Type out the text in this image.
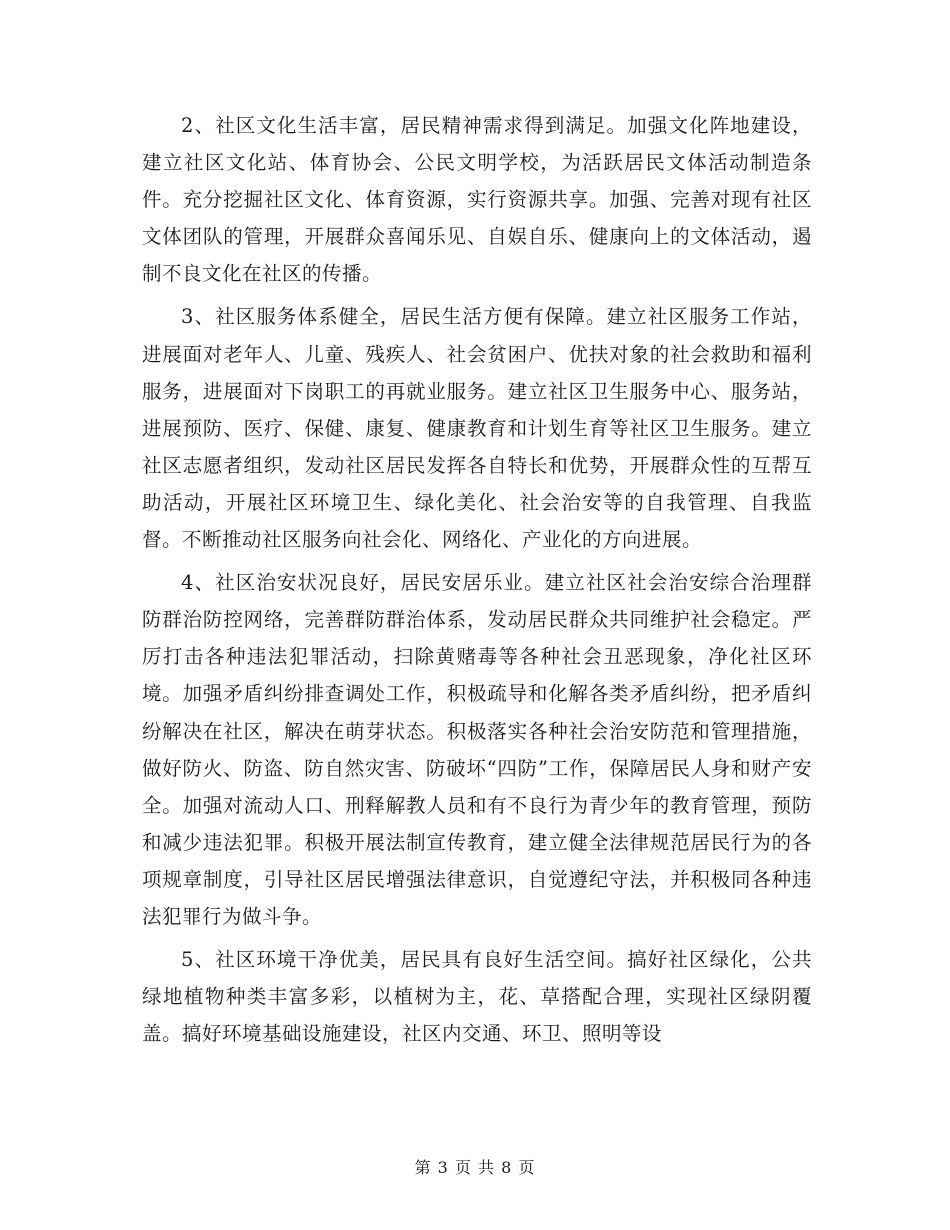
2、社区文化生活丰富，居民精神需求得到满足。加强文化阵地建设，建立社区文化站、体育协会、公民文明学校，为活跃居民文体活动制造条件。充分挖掘社区文化、体育资源，实行资源共享。加强、完善对现有社区文体团队的管理，开展群众喜闻乐见、自娱自乐、健康向上的文体活动，遏制不良文化在社区的传播。

3、社区服务体系健全，居民生活方便有保障。建立社区服务工作站，进展面对老年人、儿童、残疾人、社会贫困户、优扶对象的社会救助和福利服务，进展面对下岗职工的再就业服务。建立社区卫生服务中心、服务站，进展预防、医疗、保健、康复、健康教育和计划生育等社区卫生服务。建立社区志愿者组织，发动社区居民发挥各自特长和优势，开展群众性的互帮互助活动，开展社区环境卫生、绿化美化、社会治安等的自我管理、自我监督。不断推动社区服务向社会化、网络化、产业化的方向进展。

4、社区治安状况良好，居民安居乐业。建立社区社会治安综合治理群防群治防控网络，完善群防群治体系，发动居民群众共同维护社会稳定。严厉打击各种违法犯罪活动，扫除黄赌毒等各种社会丑恶现象，净化社区环境。加强矛盾纠纷排查调处工作，积极疏导和化解各类矛盾纠纷，把矛盾纠纷解决在社区，解决在萌芽状态。积极落实各种社会治安防范和管理措施，做好防火、防盗、防自然灾害、防破坏“四防”工作，保障居民人身和财产安全。加强对流动人口、刑释解教人员和有不良行为青少年的教育管理，预防和减少违法犯罪。积极开展法制宣传教育，建立健全法律规范居民行为的各项规章制度，引导社区居民增强法律意识，自觉遵纪守法，并积极同各种违法犯罪行为做斗争。

5、社区环境干净优美，居民具有良好生活空间。搞好社区绿化，公共绿地植物种类丰富多彩，以植树为主，花、草搭配合理，实现社区绿阴覆盖。搞好环境基础设施建设，社区内交通、环卫、照明等设

第 3 页 共 8 页
